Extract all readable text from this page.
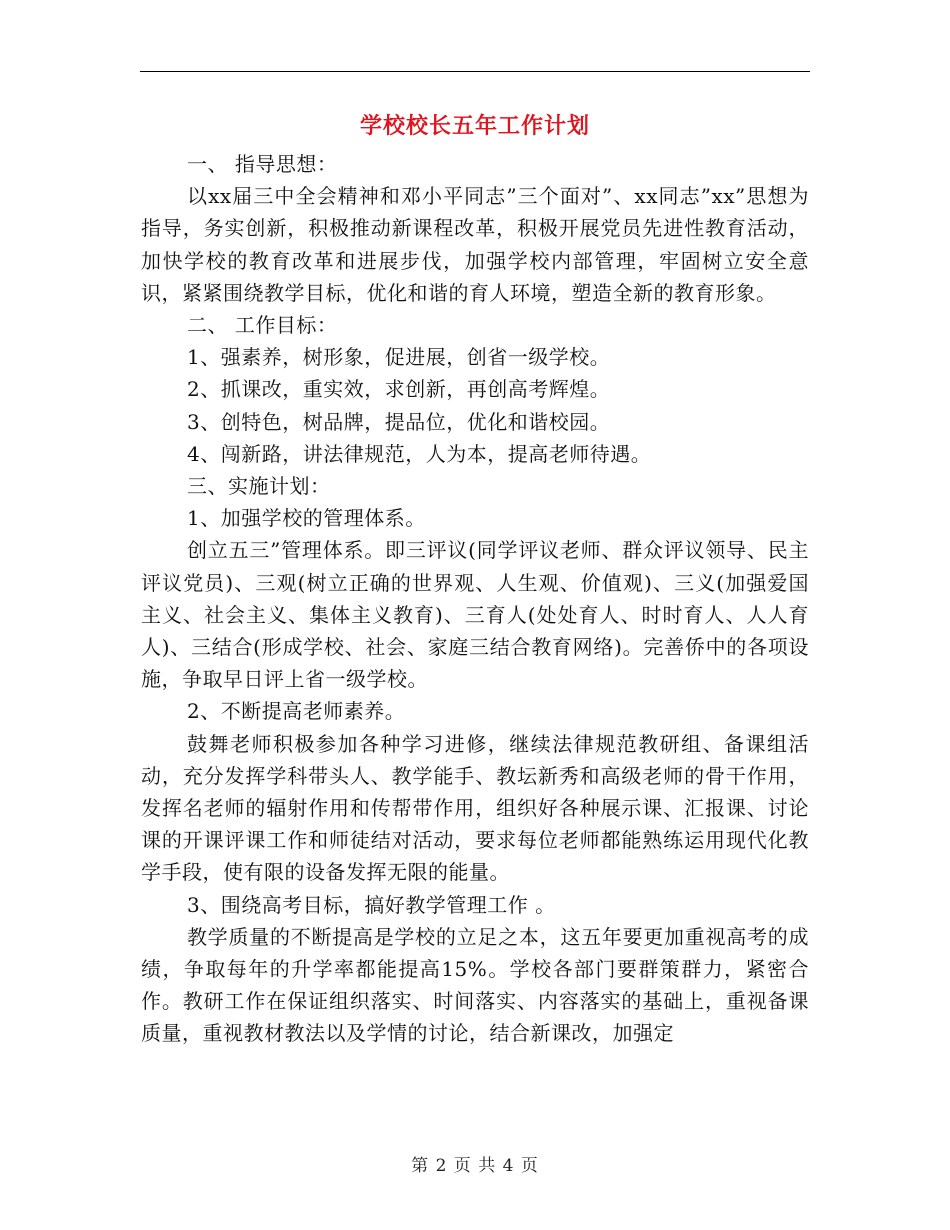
学校校长五年工作计划

一、 指导思想：

以xx届三中全会精神和邓小平同志”三个面对”、xx同志”xx”思想为指导，务实创新，积极推动新课程改革，积极开展党员先进性教育活动，加快学校的教育改革和进展步伐，加强学校内部管理，牢固树立安全意识，紧紧围绕教学目标，优化和谐的育人环境，塑造全新的教育形象。

二、 工作目标：

1、强素养，树形象，促进展，创省一级学校。

2、抓课改，重实效，求创新，再创高考辉煌。

3、创特色，树品牌，提品位，优化和谐校园。

4、闯新路，讲法律规范，人为本，提高老师待遇。

三、实施计划：

1、加强学校的管理体系。

创立五三”管理体系。即三评议(同学评议老师、群众评议领导、民主评议党员)、三观(树立正确的世界观、人生观、价值观)、三义(加强爱国主义、社会主义、集体主义教育)、三育人(处处育人、时时育人、人人育人)、三结合(形成学校、社会、家庭三结合教育网络)。完善侨中的各项设施，争取早日评上省一级学校。

2、不断提高老师素养。

鼓舞老师积极参加各种学习进修，继续法律规范教研组、备课组活动，充分发挥学科带头人、教学能手、教坛新秀和高级老师的骨干作用，发挥名老师的辐射作用和传帮带作用，组织好各种展示课、汇报课、讨论课的开课评课工作和师徒结对活动，要求每位老师都能熟练运用现代化教学手段，使有限的设备发挥无限的能量。

3、围绕高考目标，搞好教学管理工作 。

教学质量的不断提高是学校的立足之本，这五年要更加重视高考的成绩，争取每年的升学率都能提高15%。学校各部门要群策群力，紧密合作。教研工作在保证组织落实、时间落实、内容落实的基础上，重视备课质量，重视教材教法以及学情的讨论，结合新课改，加强定

第 2 页 共 4 页
